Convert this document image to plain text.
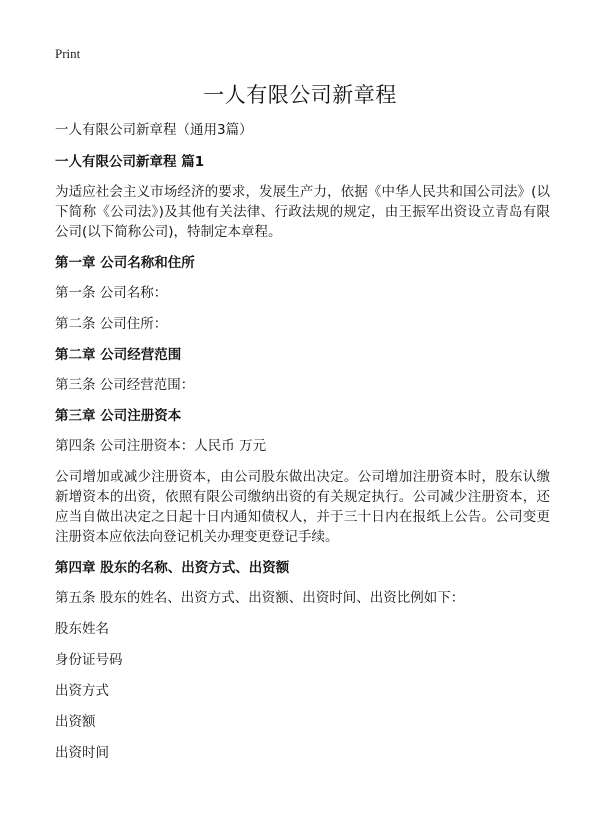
Print
一人有限公司新章程

一人有限公司新章程（通用3篇）

一人有限公司新章程 篇1

为适应社会主义市场经济的要求，发展生产力，依据《中华人民共和国公司法》(以下简称《公司法》)及其他有关法律、行政法规的规定，由王振军出资设立青岛有限公司(以下简称公司)，特制定本章程。

第一章 公司名称和住所

第一条 公司名称：

第二条 公司住所：

第二章 公司经营范围

第三条 公司经营范围：

第三章 公司注册资本

第四条 公司注册资本：人民币 万元

公司增加或减少注册资本，由公司股东做出决定。公司增加注册资本时，股东认缴新增资本的出资，依照有限公司缴纳出资的有关规定执行。公司减少注册资本，还应当自做出决定之日起十日内通知债权人，并于三十日内在报纸上公告。公司变更注册资本应依法向登记机关办理变更登记手续。

第四章 股东的名称、出资方式、出资额

第五条 股东的姓名、出资方式、出资额、出资时间、出资比例如下：

股东姓名

身份证号码

出资方式

出资额

出资时间
